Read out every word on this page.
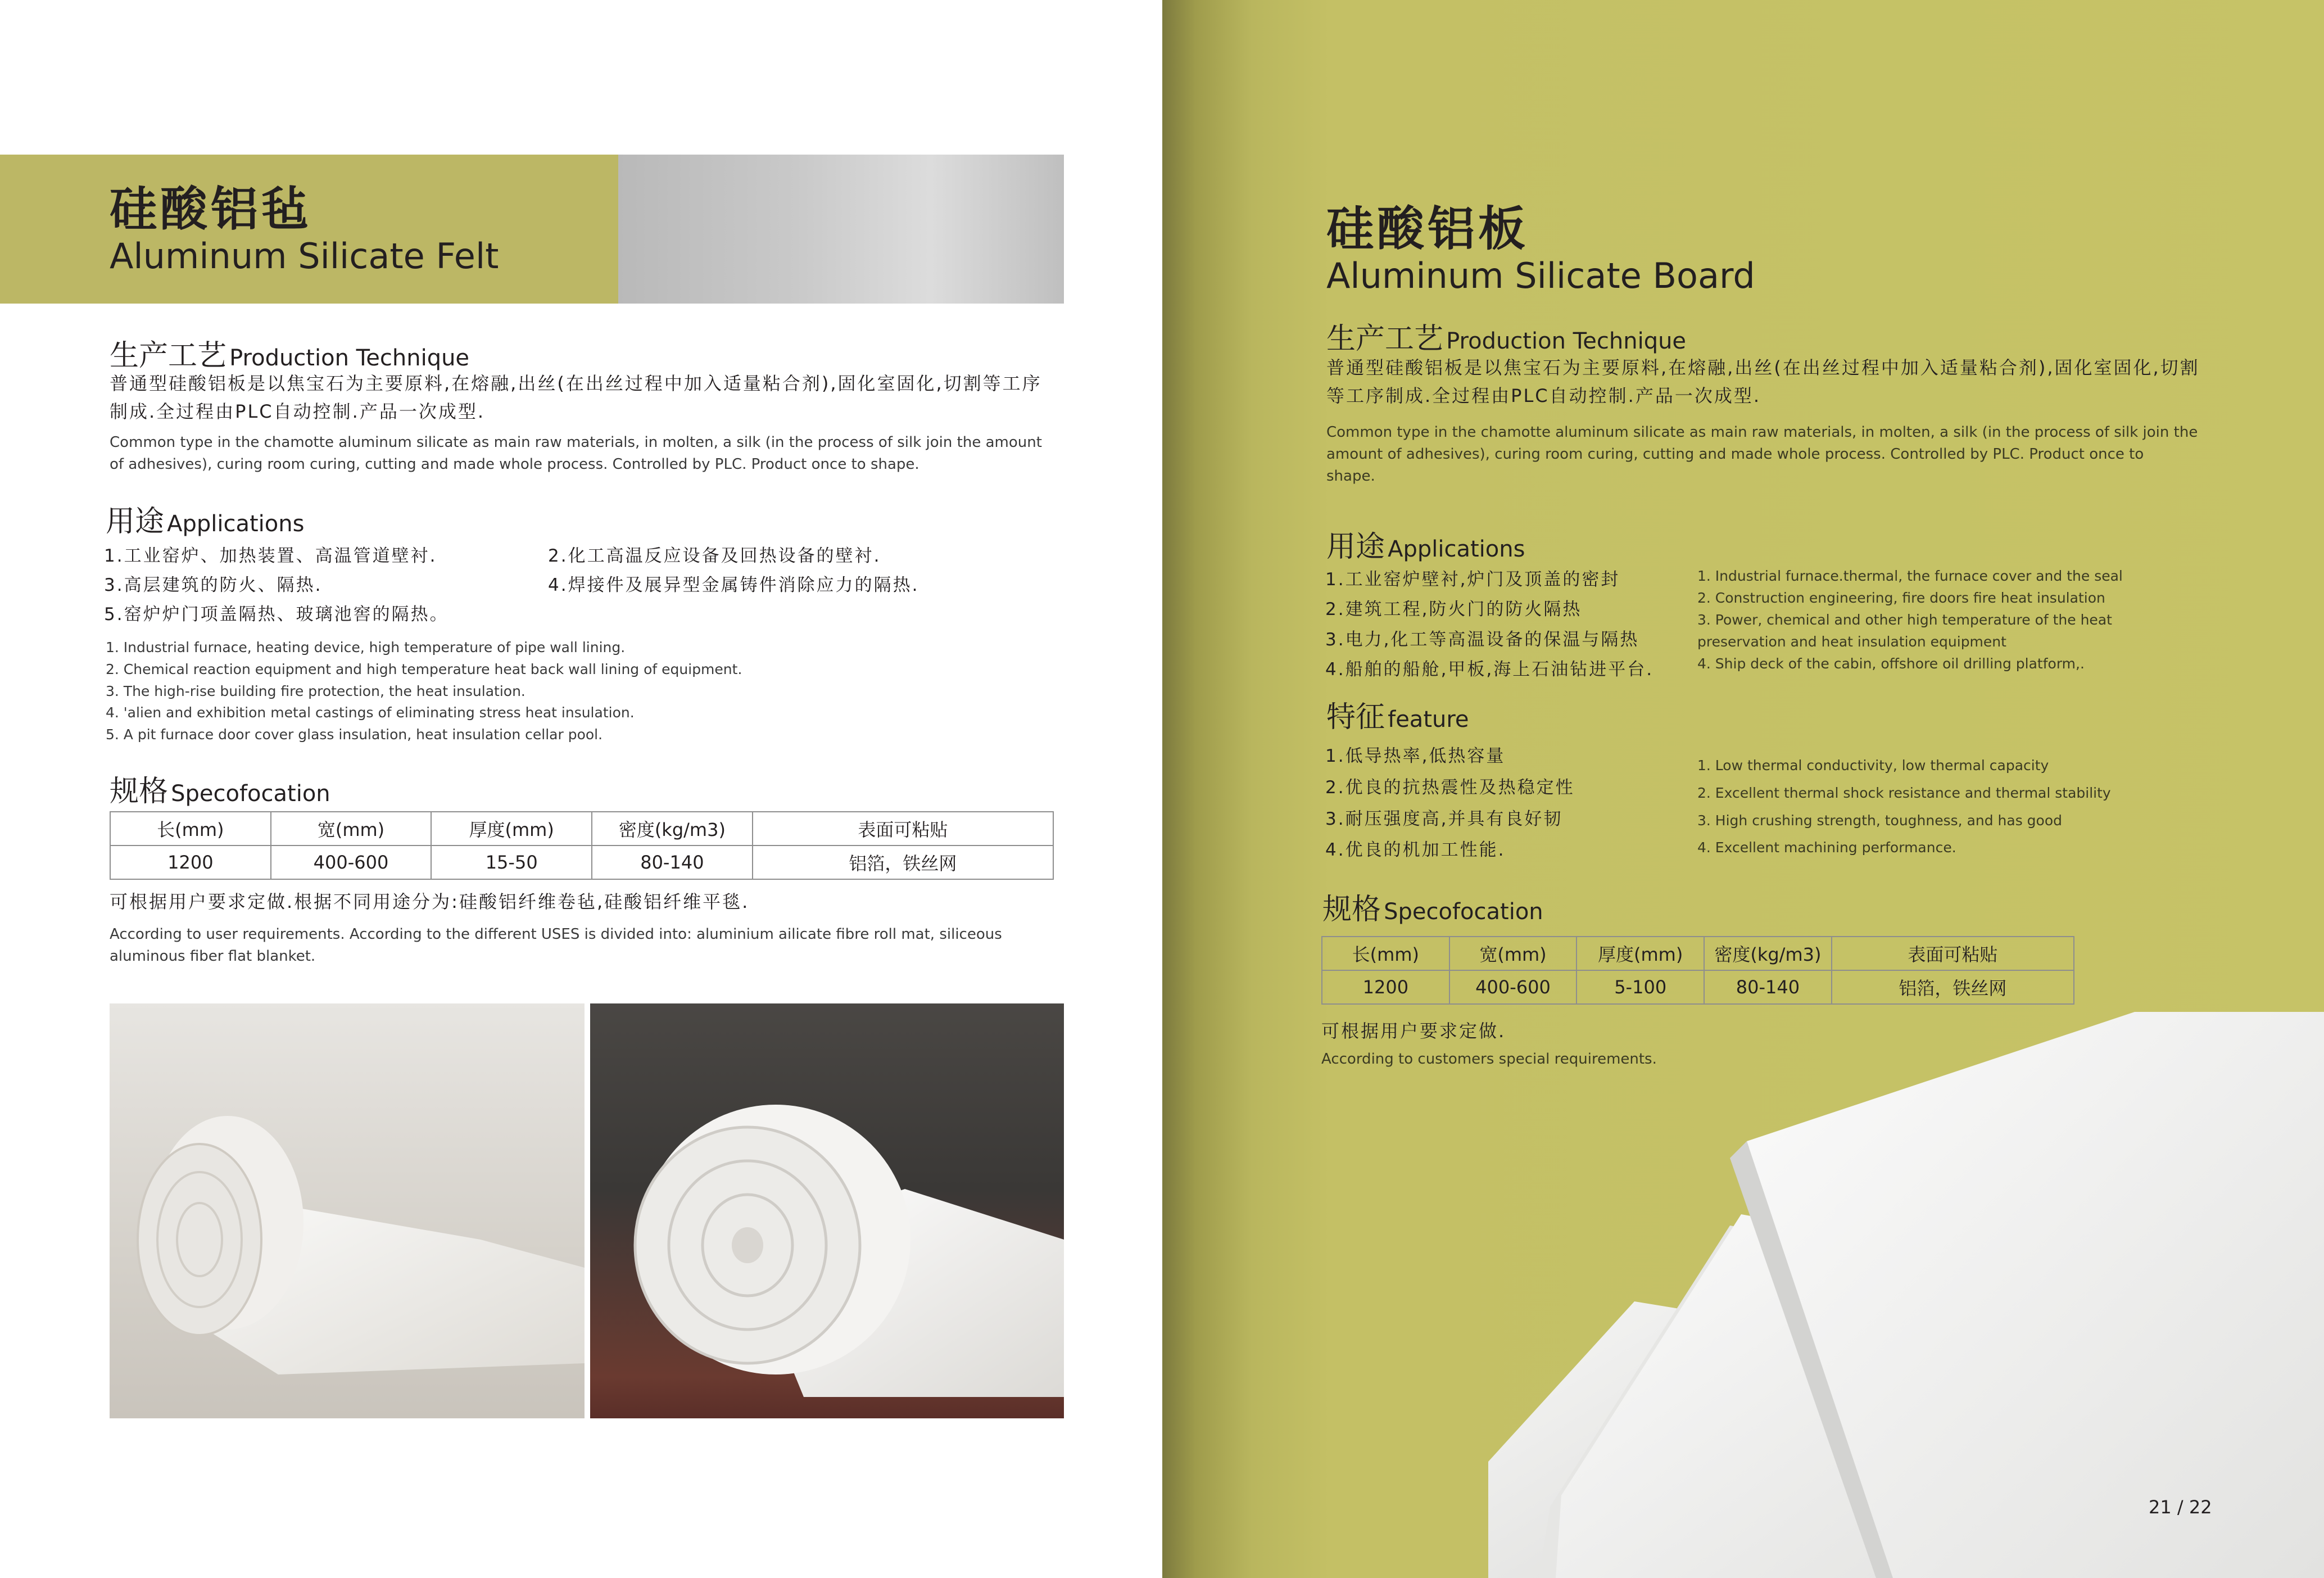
硅酸铝毡
Aluminum Silicate Felt
生产工艺 Production Technique
普通型硅酸铝板是以焦宝石为主要原料,在熔融,出丝(在出丝过程中加入适量粘合剂),固化室固化,切割等工序
制成.全过程由PLC自动控制.产品一次成型.
Common type in the chamotte aluminum silicate as main raw materials, in molten, a silk (in the process of silk join the amount
of adhesives), curing room curing, cutting and made whole process. Controlled by PLC. Product once to shape.
用途 Applications
1.工业窑炉、加热装置、高温管道壁衬.	2.化工高温反应设备及回热设备的壁衬.
3.高层建筑的防火、隔热.	4.焊接件及展异型金属铸件消除应力的隔热.
5.窑炉炉门项盖隔热、玻璃池窖的隔热。
1. Industrial furnace, heating device, high temperature of pipe wall lining.
2. Chemical reaction equipment and high temperature heat back wall lining of equipment.
3. The high-rise building fire protection, the heat insulation.
4. 'alien and exhibition metal castings of eliminating stress heat insulation.
5. A pit furnace door cover glass insulation, heat insulation cellar pool.
规格 Specofocation
长(mm)	宽(mm)	厚度(mm)	密度(kg/m3)	表面可粘贴
1200	400-600	15-50	80-140	铝箔，铁丝网
可根据用户要求定做.根据不同用途分为:硅酸铝纤维卷毡,硅酸铝纤维平毯.
According to user requirements. According to the different USES is divided into: aluminium ailicate fibre roll mat, siliceous
aluminous fiber flat blanket.
硅酸铝板
Aluminum Silicate Board
生产工艺 Production Technique
普通型硅酸铝板是以焦宝石为主要原料,在熔融,出丝(在出丝过程中加入适量粘合剂),固化室固化,切割
等工序制成.全过程由PLC自动控制.产品一次成型.
Common type in the chamotte aluminum silicate as main raw materials, in molten, a silk (in the process of silk join the
amount of adhesives), curing room curing, cutting and made whole process. Controlled by PLC. Product once to
shape.
用途 Applications
1.工业窑炉壁衬,炉门及顶盖的密封
2.建筑工程,防火门的防火隔热
3.电力,化工等高温设备的保温与隔热
4.船舶的船舱,甲板,海上石油钻进平台.
1. Industrial furnace.thermal, the furnace cover and the seal
2. Construction engineering, fire doors fire heat insulation
3. Power, chemical and other high temperature of the heat
preservation and heat insulation equipment
4. Ship deck of the cabin, offshore oil drilling platform,.
特征 feature
1.低导热率,低热容量
2.优良的抗热震性及热稳定性
3.耐压强度高,并具有良好韧
4.优良的机加工性能.
1. Low thermal conductivity, low thermal capacity
2. Excellent thermal shock resistance and thermal stability
3. High crushing strength, toughness, and has good
4. Excellent machining performance.
规格 Specofocation
长(mm)	宽(mm)	厚度(mm)	密度(kg/m3)	表面可粘贴
1200	400-600	5-100	80-140	铝箔，铁丝网
可根据用户要求定做.
According to customers special requirements.
21 / 22
